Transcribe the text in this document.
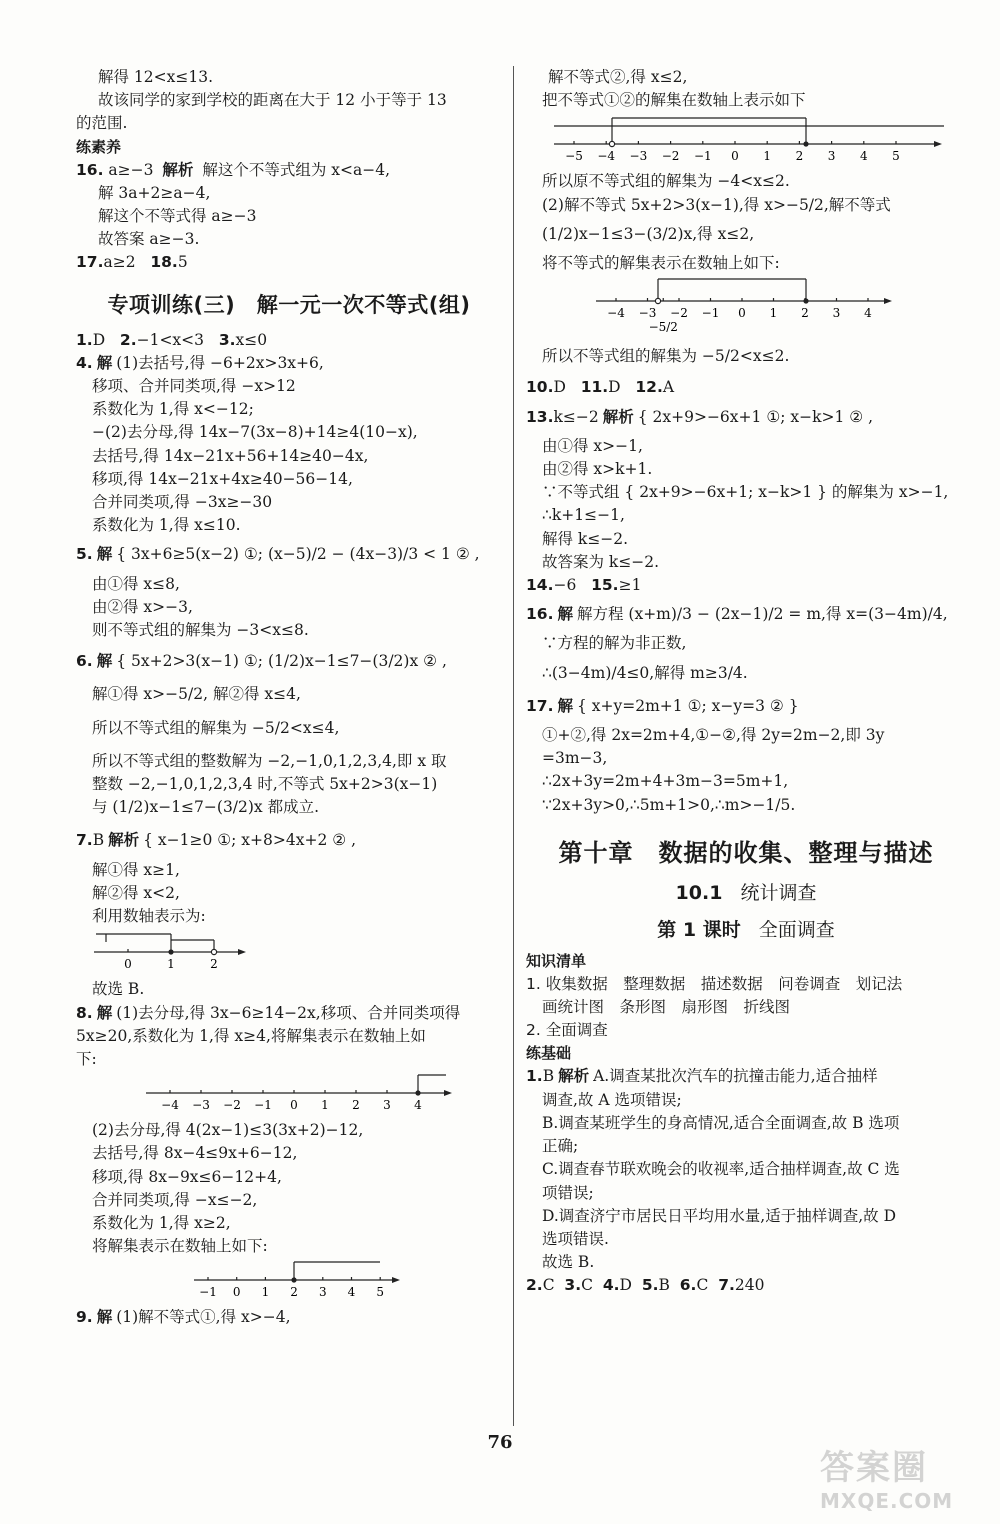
解得 12<x≤13.
故该同学的家到学校的距离在大于 12 小于等于 13
的范围.
练素养
16. a≥−3 解析 解这个不等式组为 x<a−4,
解 3a+2≥a−4,
解这个不等式得 a≥−3
故答案 a≥−3.
17.a≥2 18.5
专项训练(三)　解一元一次不等式(组)
1.D 2.−1<x<3 3.x≤0
4. 解 (1)去括号,得 −6+2x>3x+6,
移项、合并同类项,得 −x>12
系数化为 1,得 x<−12;
−(2)去分母,得 14x−7(3x−8)+14≥4(10−x),
去括号,得 14x−21x+56+14≥40−4x,
移项,得 14x−21x+4x≥40−56−14,
合并同类项,得 −3x≥−30
系数化为 1,得 x≤10.
5. 解 { 3x+6≥5(x−2) ①; (x−5)/2 − (4x−3)/3 < 1 ② ,
由①得 x≤8,
由②得 x>−3,
则不等式组的解集为 −3<x≤8.
6. 解 { 5x+2>3(x−1) ①; (1/2)x−1≤7−(3/2)x ② ,
解①得 x>−5/2, 解②得 x≤4,
所以不等式组的解集为 −5/2<x≤4,
所以不等式组的整数解为 −2,−1,0,1,2,3,4,即 x 取
整数 −2,−1,0,1,2,3,4 时,不等式 5x+2>3(x−1)
与 (1/2)x−1≤7−(3/2)x 都成立.
7.B 解析 { x−1≥0 ①; x+8>4x+2 ② ,
解①得 x≥1,
解②得 x<2,
利用数轴表示为:
0	1	2
故选 B.
8. 解 (1)去分母,得 3x−6≥14−2x,移项、合并同类项得
5x≥20,系数化为 1,得 x≥4,将解集表示在数轴上如
下:
−4 −3 −2 −1 0 1 2 3 4
(2)去分母,得 4(2x−1)≤3(3x+2)−12,
去括号,得 8x−4≤9x+6−12,
移项,得 8x−9x≤6−12+4,
合并同类项,得 −x≤−2,
系数化为 1,得 x≥2,
将解集表示在数轴上如下:
−1 0 1 2 3 4 5
9. 解 (1)解不等式①,得 x>−4,
解不等式②,得 x≤2,
把不等式①②的解集在数轴上表示如下
−5 −4 −3 −2 −1 0 1 2 3 4 5
所以原不等式组的解集为 −4<x≤2.
(2)解不等式 5x+2>3(x−1),得 x>−5/2,解不等式
(1/2)x−1≤3−(3/2)x,得 x≤2,
将不等式的解集表示在数轴上如下:
−4 −3
−5/2
−2 −1 0 1 2 3 4
所以不等式组的解集为 −5/2<x≤2.
10.D 11.D 12.A
13.k≤−2 解析 { 2x+9>−6x+1 ①; x−k>1 ② ,
由①得 x>−1,
由②得 x>k+1.
∵不等式组 { 2x+9>−6x+1; x−k>1 } 的解集为 x>−1,
∴k+1≤−1,
解得 k≤−2.
故答案为 k≤−2.
14.−6 15.≥1
16. 解 解方程 (x+m)/3 − (2x−1)/2 = m,得 x=(3−4m)/4,
∵方程的解为非正数,
∴(3−4m)/4≤0,解得 m≥3/4.
17. 解 { x+y=2m+1 ①; x−y=3 ② }
①+②,得 2x=2m+4,①−②,得 2y=2m−2,即 3y
=3m−3,
∴2x+3y=2m+4+3m−3=5m+1,
∵2x+3y>0,∴5m+1>0,∴m>−1/5.
第十章　数据的收集、整理与描述
10.1 统计调查
第 1 课时 全面调查
知识清单
1. 收集数据　整理数据　描述数据　问卷调查　划记法
画统计图　条形图　扇形图　折线图
2. 全面调查
练基础
1.B 解析 A.调查某批次汽车的抗撞击能力,适合抽样
调查,故 A 选项错误;
B.调查某班学生的身高情况,适合全面调查,故 B 选项
正确;
C.调查春节联欢晚会的收视率,适合抽样调查,故 C 选
项错误;
D.调查济宁市居民日平均用水量,适于抽样调查,故 D
选项错误.
故选 B.
2.C 3.C 4.D 5.B 6.C 7.240
76
答案圈
MXQE.COM
